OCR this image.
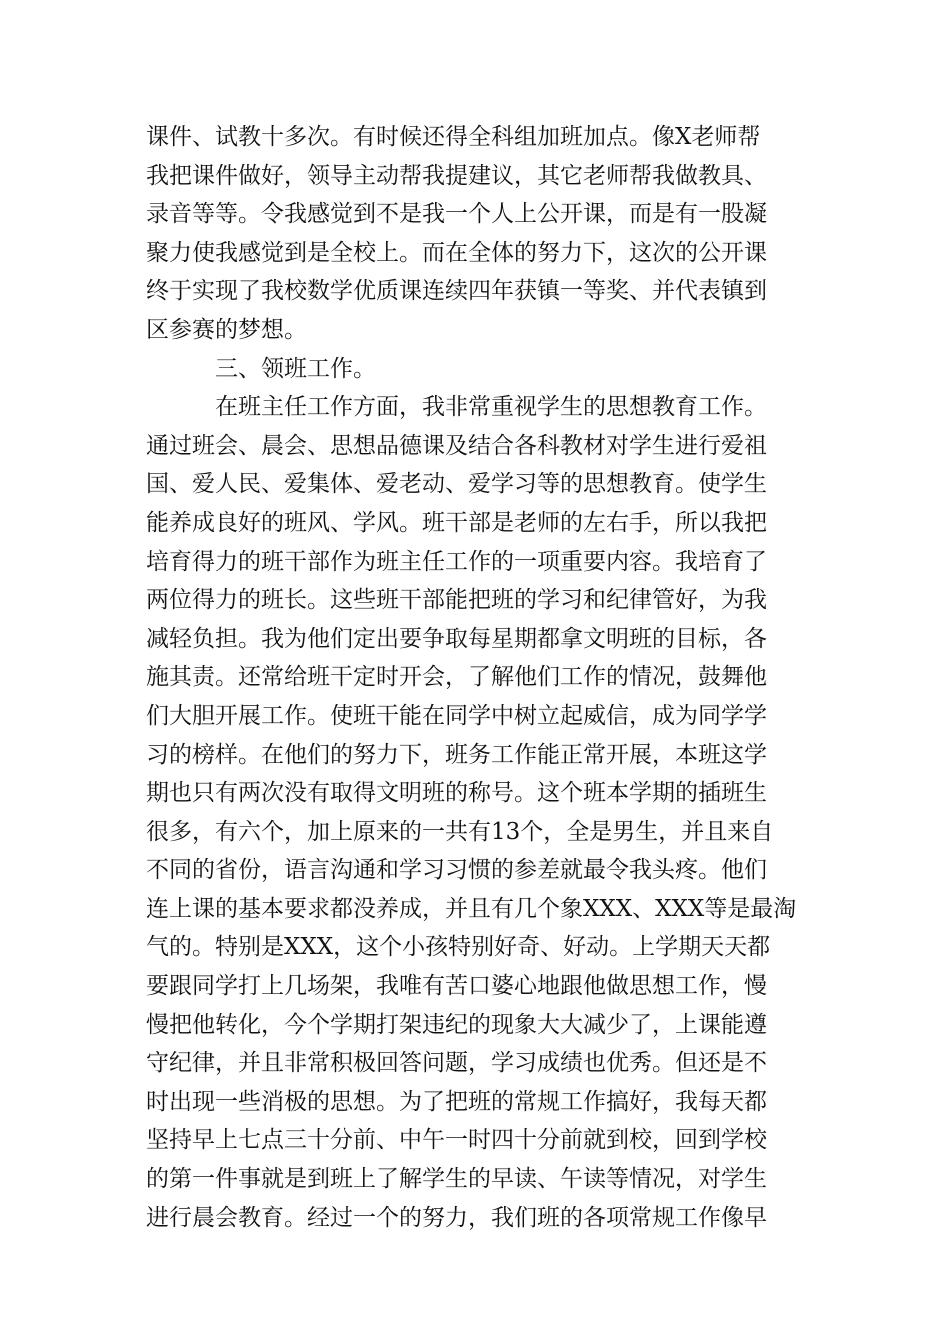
课件、试教十多次。有时候还得全科组加班加点。像X老师帮
我把课件做好，领导主动帮我提建议，其它老师帮我做教具、
录音等等。令我感觉到不是我一个人上公开课，而是有一股凝
聚力使我感觉到是全校上。而在全体的努力下，这次的公开课
终于实现了我校数学优质课连续四年获镇一等奖、并代表镇到
区参赛的梦想。
三、领班工作。
在班主任工作方面，我非常重视学生的思想教育工作。
通过班会、晨会、思想品德课及结合各科教材对学生进行爱祖
国、爱人民、爱集体、爱老动、爱学习等的思想教育。使学生
能养成良好的班风、学风。班干部是老师的左右手，所以我把
培育得力的班干部作为班主任工作的一项重要内容。我培育了
两位得力的班长。这些班干部能把班的学习和纪律管好，为我
减轻负担。我为他们定出要争取每星期都拿文明班的目标，各
施其责。还常给班干定时开会，了解他们工作的情况，鼓舞他
们大胆开展工作。使班干能在同学中树立起威信，成为同学学
习的榜样。在他们的努力下，班务工作能正常开展，本班这学
期也只有两次没有取得文明班的称号。这个班本学期的插班生
很多，有六个，加上原来的一共有13个，全是男生，并且来自
不同的省份，语言沟通和学习习惯的参差就最令我头疼。他们
连上课的基本要求都没养成，并且有几个象XXX、XXX等是最淘
气的。特别是XXX，这个小孩特别好奇、好动。上学期天天都
要跟同学打上几场架，我唯有苦口婆心地跟他做思想工作，慢
慢把他转化，今个学期打架违纪的现象大大减少了，上课能遵
守纪律，并且非常积极回答问题，学习成绩也优秀。但还是不
时出现一些消极的思想。为了把班的常规工作搞好，我每天都
坚持早上七点三十分前、中午一时四十分前就到校，回到学校
的第一件事就是到班上了解学生的早读、午读等情况，对学生
进行晨会教育。经过一个的努力，我们班的各项常规工作像早
